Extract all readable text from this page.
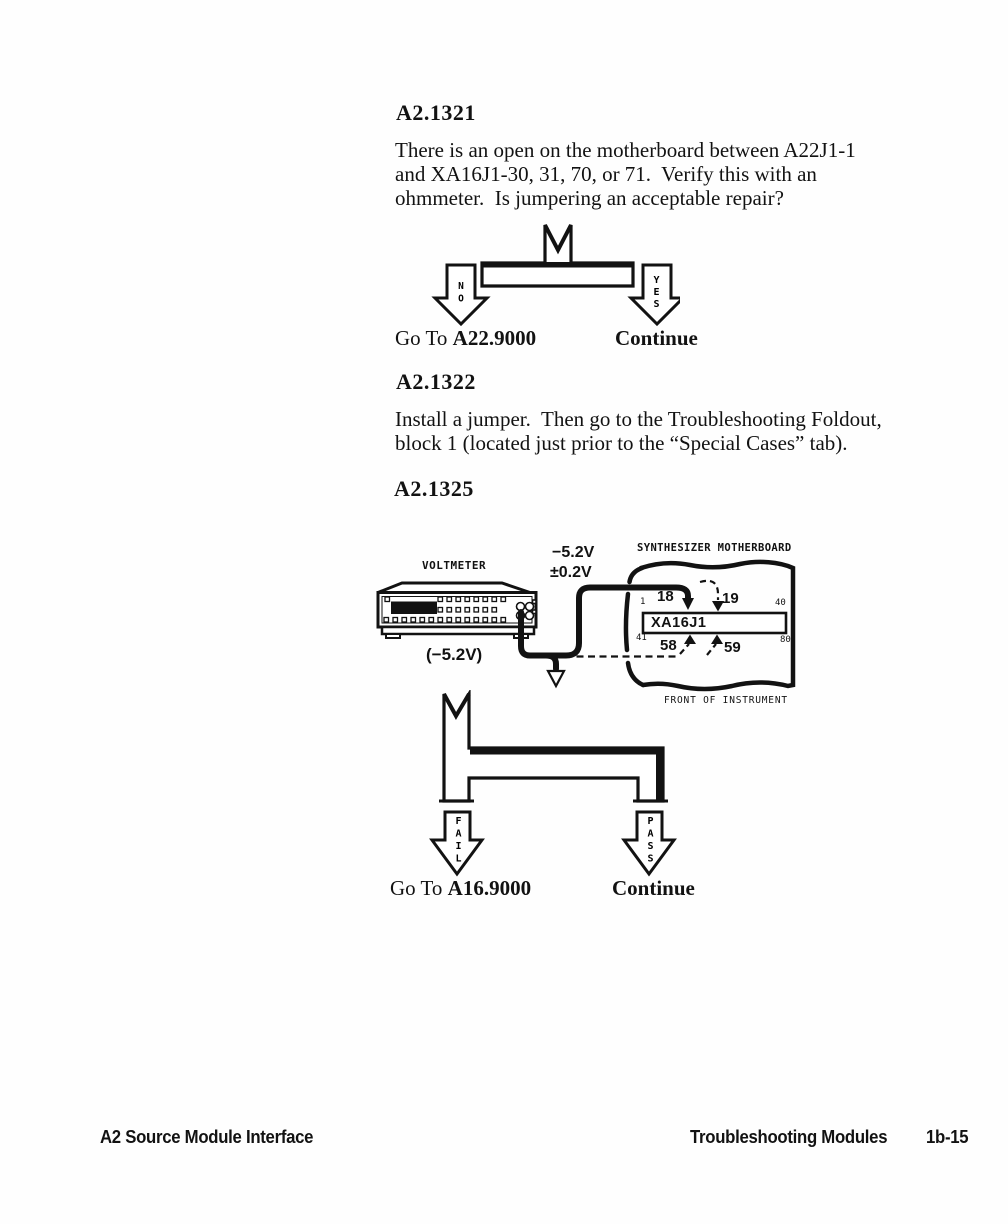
A2.1321
There is an open on the motherboard between A22J1-1
and XA16J1-30, 31, 70, or 71.  Verify this with an
ohmmeter.  Is jumpering an acceptable repair?
NO	YES
Go To A22.9000	Continue
A2.1322
Install a jumper.  Then go to the Troubleshooting Foldout,
block 1 (located just prior to the “Special Cases” tab).
A2.1325
VOLTMETER
−5.2V
±0.2V
(−5.2V)
SYNTHESIZER MOTHERBOARD
18	19
58	59
1	40
41	80
XA16J1
FRONT OF INSTRUMENT
FAIL	PASS
Go To A16.9000	Continue
A2 Source Module Interface	Troubleshooting Modules 1b-15
